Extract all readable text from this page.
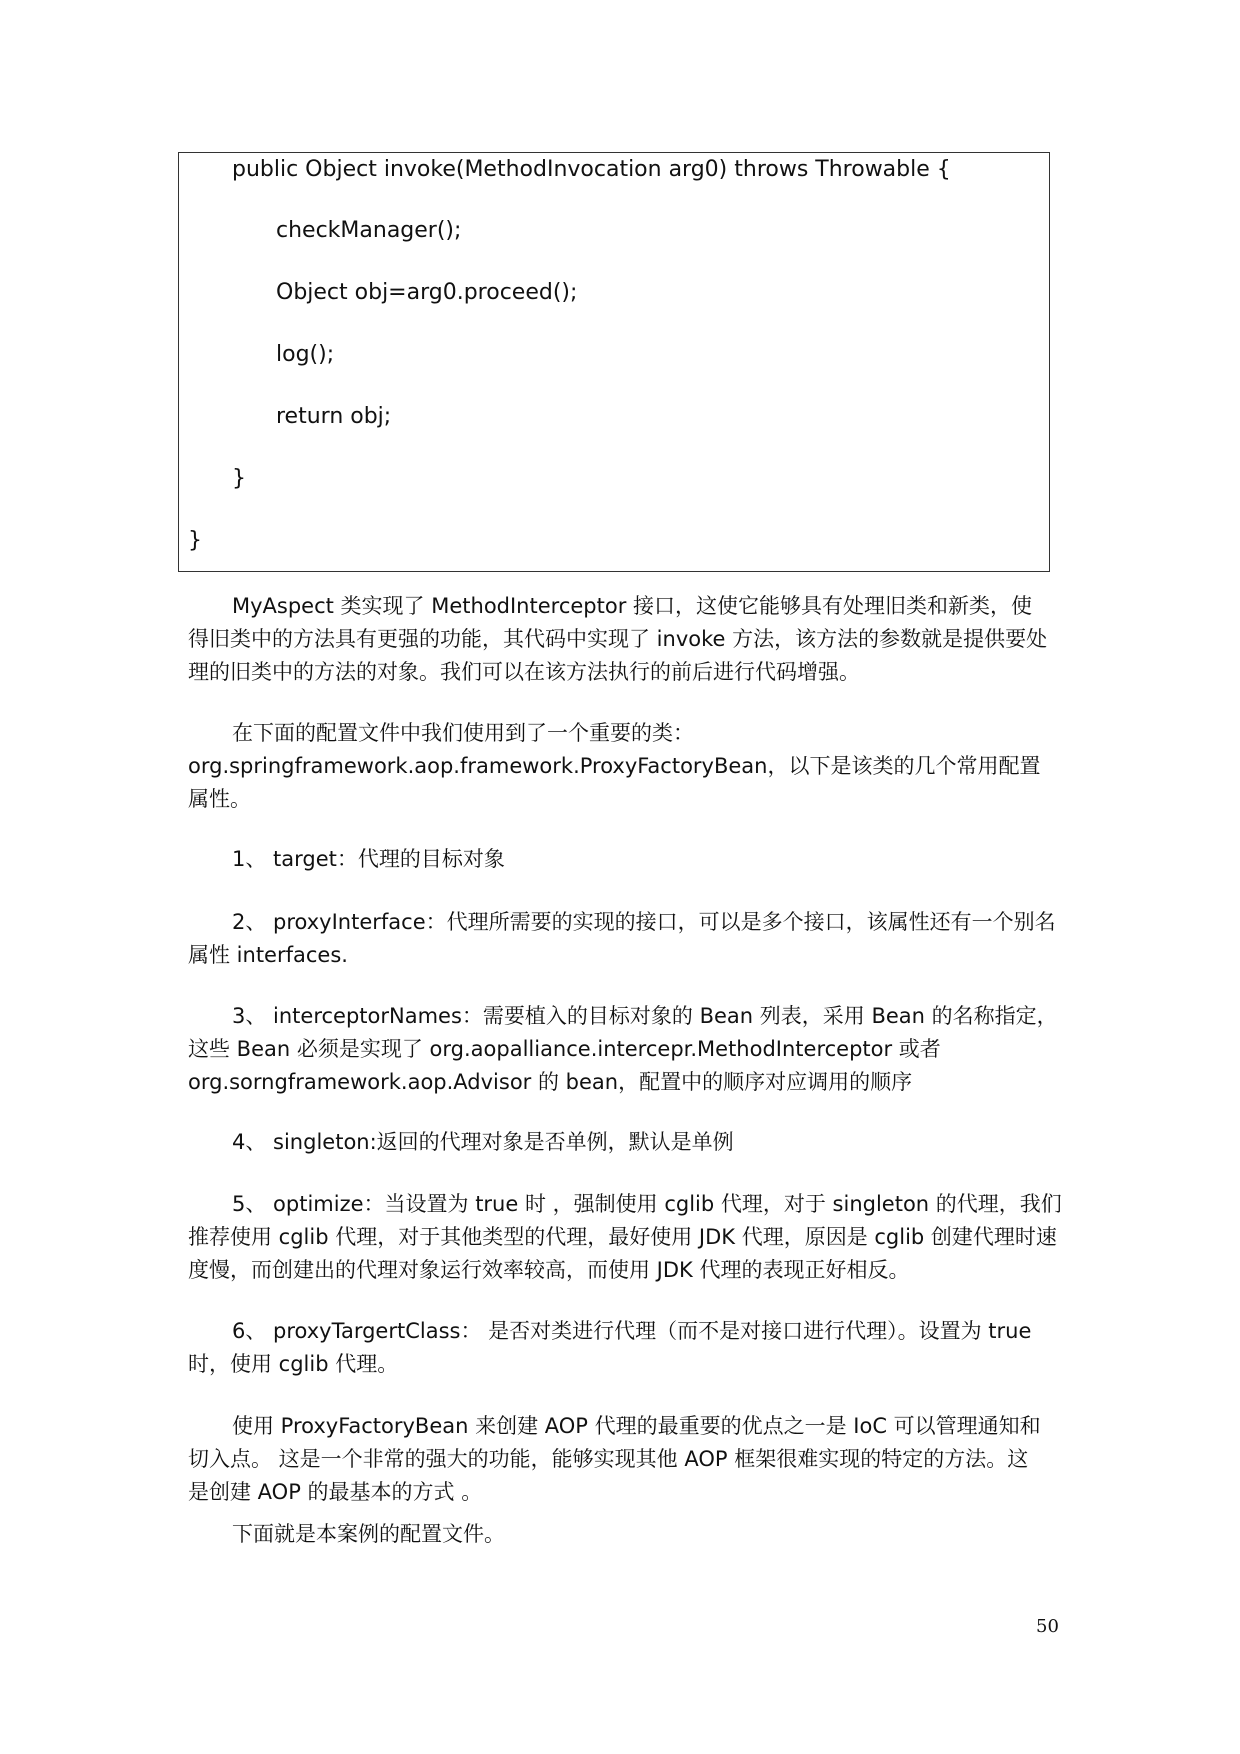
public Object invoke(MethodInvocation arg0) throws Throwable {
checkManager();
Object obj=arg0.proceed();
log();
return obj;
}
}

MyAspect 类实现了 MethodInterceptor 接口，这使它能够具有处理旧类和新类，使得旧类中的方法具有更强的功能，其代码中实现了 invoke 方法，该方法的参数就是提供要处理的旧类中的方法的对象。我们可以在该方法执行的前后进行代码增强。

在下面的配置文件中我们使用到了一个重要的类：org.springframework.aop.framework.ProxyFactoryBean，以下是该类的几个常用配置属性。

1、 target：代理的目标对象

2、 proxyInterface：代理所需要的实现的接口，可以是多个接口，该属性还有一个别名属性 interfaces.

3、 interceptorNames：需要植入的目标对象的 Bean 列表，采用 Bean 的名称指定，这些 Bean 必须是实现了 org.aopalliance.intercepr.MethodInterceptor 或者 org.sorngframework.aop.Advisor 的 bean，配置中的顺序对应调用的顺序

4、 singleton:返回的代理对象是否单例，默认是单例

5、 optimize：当设置为 true 时 ，强制使用 cglib 代理，对于 singleton 的代理，我们推荐使用 cglib 代理，对于其他类型的代理，最好使用 JDK 代理，原因是 cglib 创建代理时速度慢，而创建出的代理对象运行效率较高，而使用 JDK 代理的表现正好相反。

6、 proxyTargertClass： 是否对类进行代理（而不是对接口进行代理）。设置为 true 时，使用 cglib 代理。

使用 ProxyFactoryBean 来创建 AOP 代理的最重要的优点之一是 IoC 可以管理通知和切入点。 这是一个非常的强大的功能，能够实现其他 AOP 框架很难实现的特定的方法。这是创建 AOP 的最基本的方式 。

下面就是本案例的配置文件。

50
